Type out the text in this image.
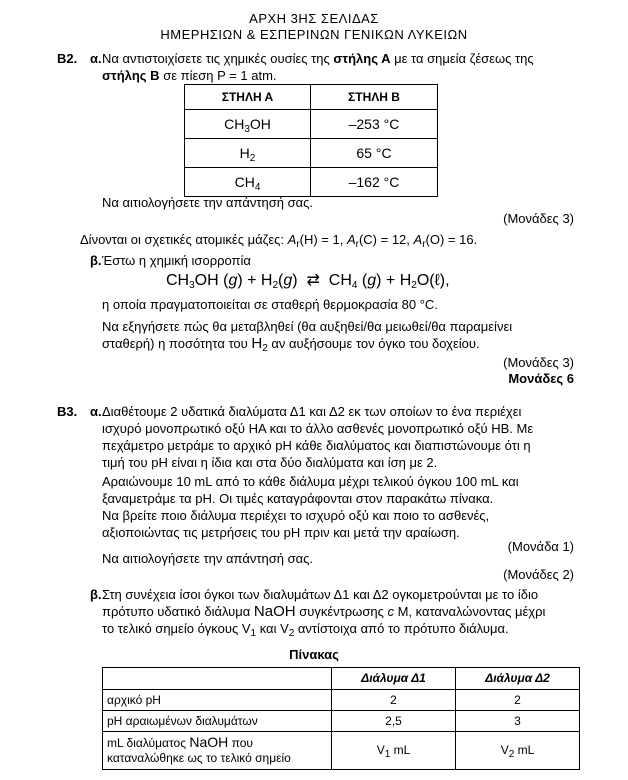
ΑΡΧΗ 3ΗΣ ΣΕΛΙΔΑΣ
ΗΜΕΡΗΣΙΩΝ & ΕΣΠΕΡΙΝΩΝ ΓΕΝΙΚΩΝ ΛΥΚΕΙΩΝ
Β2. α. Να αντιστοιχίσετε τις χημικές ουσίες της στήλης Α με τα σημεία ζέσεως της
στήλης Β σε πίεση P = 1 atm.
ΣΤΗΛΗ Α	ΣΤΗΛΗ Β
$CH_3OH$	–253 °C
$H_2$	65 °C
$CH_4$	–162 °C
Να αιτιολογήσετε την απάντησή σας.
(Μονάδες 3)
Δίνονται οι σχετικές ατομικές μάζες: $A_r(H) = 1$, $A_r(C) = 12$, $A_r(O) = 16$.
β. Έστω η χημική ισορροπία
CH3OH (g) + H2(g)  ⇄  CH4 (g) + H2O(ℓ),
η οποία πραγματοποιείται σε σταθερή θερμοκρασία 80 °C.
Να εξηγήσετε πώς θα μεταβληθεί (θα αυξηθεί/θα μειωθεί/θα παραμείνει
σταθερή) η ποσότητα του $H_2$ αν αυξήσουμε τον όγκο του δοχείου.
(Μονάδες 3)
Μονάδες 6
Β3. α. Διαθέτουμε 2 υδατικά διαλύματα Δ1 και Δ2 εκ των οποίων το ένα περιέχει
ισχυρό μονοπρωτικό οξύ ΗΑ και το άλλο ασθενές μονοπρωτικό οξύ ΗΒ. Με
πεχάμετρο μετράμε το αρχικό pH κάθε διαλύματος και διαπιστώνουμε ότι η
τιμή του pH είναι η ίδια και στα δύο διαλύματα και ίση με 2.
Αραιώνουμε 10 mL από το κάθε διάλυμα μέχρι τελικού όγκου 100 mL και
ξαναμετράμε τα pH. Οι τιμές καταγράφονται στον παρακάτω πίνακα.
Να βρείτε ποιο διάλυμα περιέχει το ισχυρό οξύ και ποιο το ασθενές,
αξιοποιώντας τις μετρήσεις του pH πριν και μετά την αραίωση.
(Μονάδα 1)
Να αιτιολογήσετε την απάντησή σας.
(Μονάδες 2)
β. Στη συνέχεια ίσοι όγκοι των διαλυμάτων Δ1 και Δ2 ογκομετρούνται με το ίδιο
πρότυπο υδατικό διάλυμα NaOH συγκέντρωσης c M, καταναλώνοντας μέχρι
το τελικό σημείο όγκους $V_1$ και $V_2$ αντίστοιχα από το πρότυπο διάλυμα.
Πίνακας
	Διάλυμα Δ1	Διάλυμα Δ2
αρχικό pH	2	2
pH αραιωμένων διαλυμάτων	2,5	3

mL διαλύματος NaOH που
καταναλώθηκε ως το τελικό σημείο	$V_1$ mL	$V_2$ mL
